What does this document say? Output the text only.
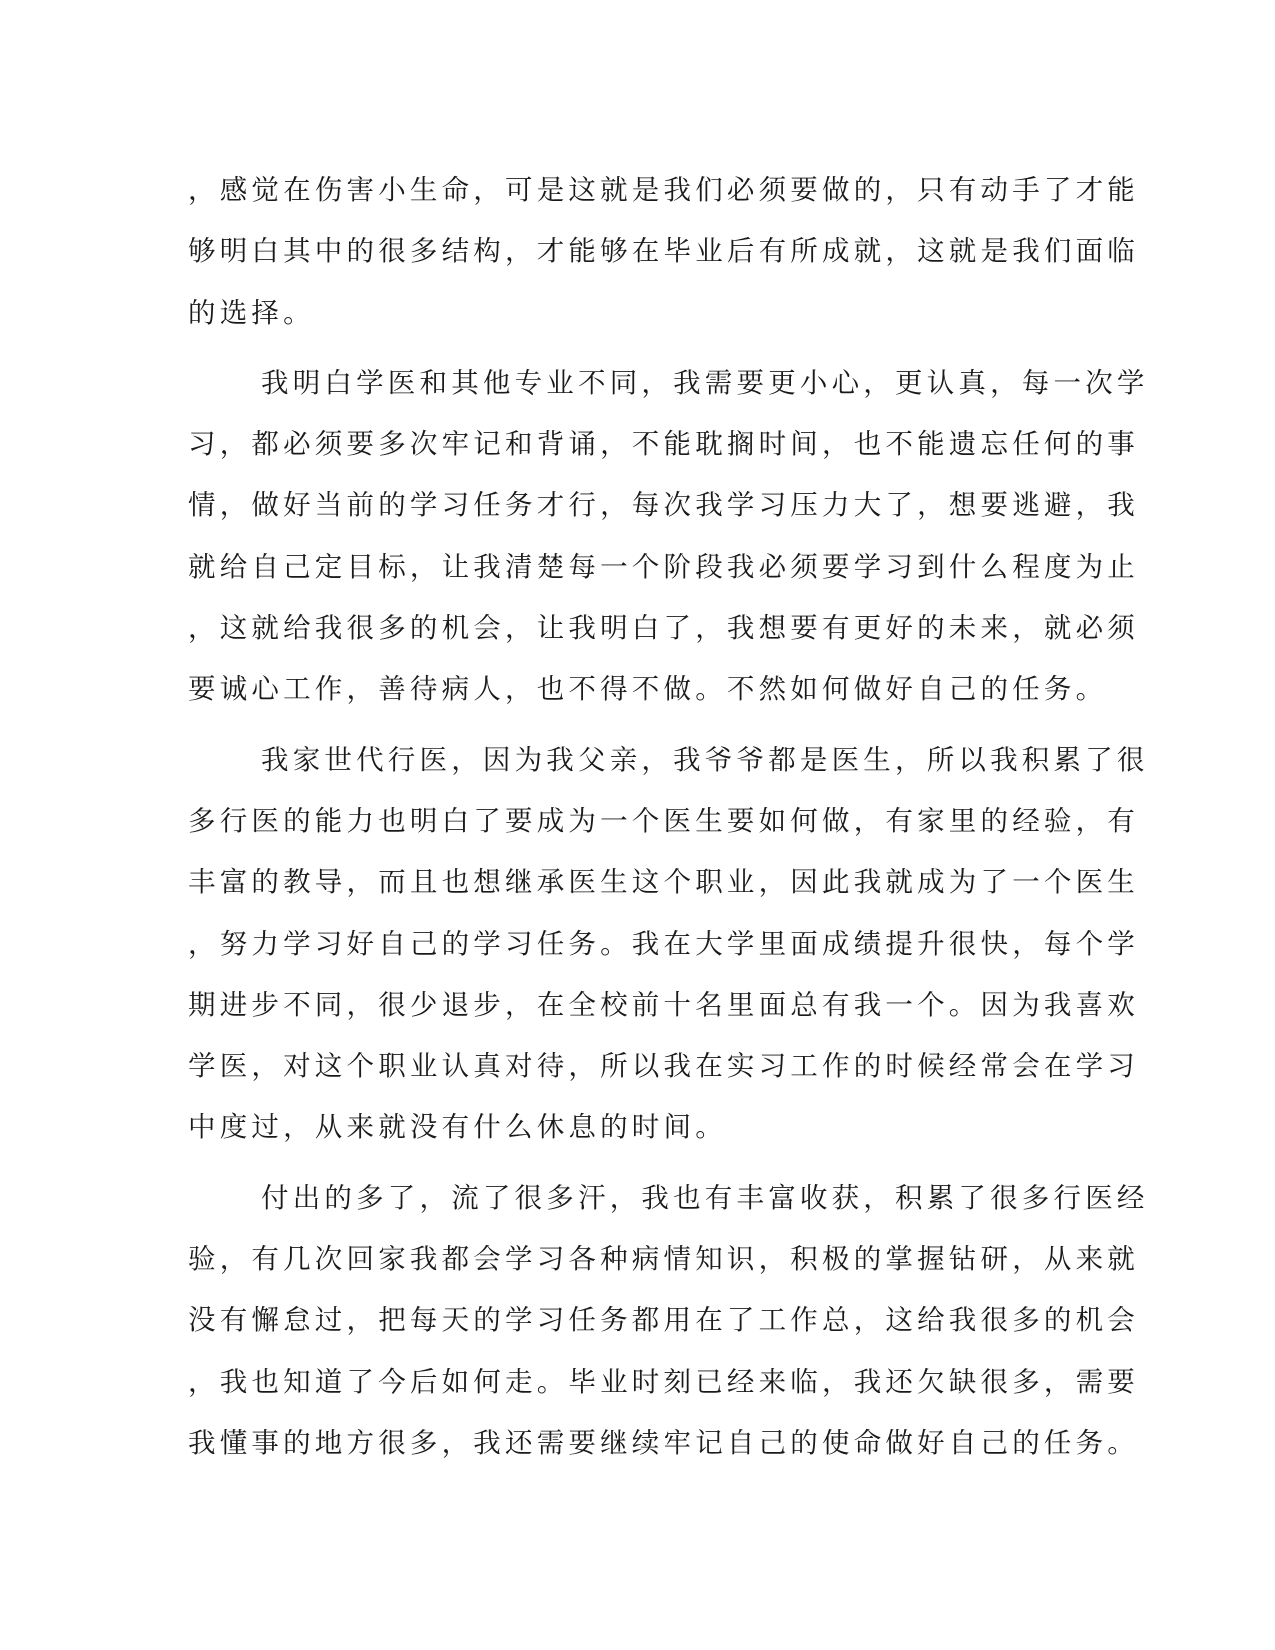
，感觉在伤害小生命，可是这就是我们必须要做的，只有动手了才能
够明白其中的很多结构，才能够在毕业后有所成就，这就是我们面临
的选择。
我明白学医和其他专业不同，我需要更小心，更认真，每一次学
习，都必须要多次牢记和背诵，不能耽搁时间，也不能遗忘任何的事
情，做好当前的学习任务才行，每次我学习压力大了，想要逃避，我
就给自己定目标，让我清楚每一个阶段我必须要学习到什么程度为止
，这就给我很多的机会，让我明白了，我想要有更好的未来，就必须
要诚心工作，善待病人，也不得不做。不然如何做好自己的任务。
我家世代行医，因为我父亲，我爷爷都是医生，所以我积累了很
多行医的能力也明白了要成为一个医生要如何做，有家里的经验，有
丰富的教导，而且也想继承医生这个职业，因此我就成为了一个医生
，努力学习好自己的学习任务。我在大学里面成绩提升很快，每个学
期进步不同，很少退步，在全校前十名里面总有我一个。因为我喜欢
学医，对这个职业认真对待，所以我在实习工作的时候经常会在学习
中度过，从来就没有什么休息的时间。
付出的多了，流了很多汗，我也有丰富收获，积累了很多行医经
验，有几次回家我都会学习各种病情知识，积极的掌握钻研，从来就
没有懈怠过，把每天的学习任务都用在了工作总，这给我很多的机会
，我也知道了今后如何走。毕业时刻已经来临，我还欠缺很多，需要
我懂事的地方很多，我还需要继续牢记自己的使命做好自己的任务。
